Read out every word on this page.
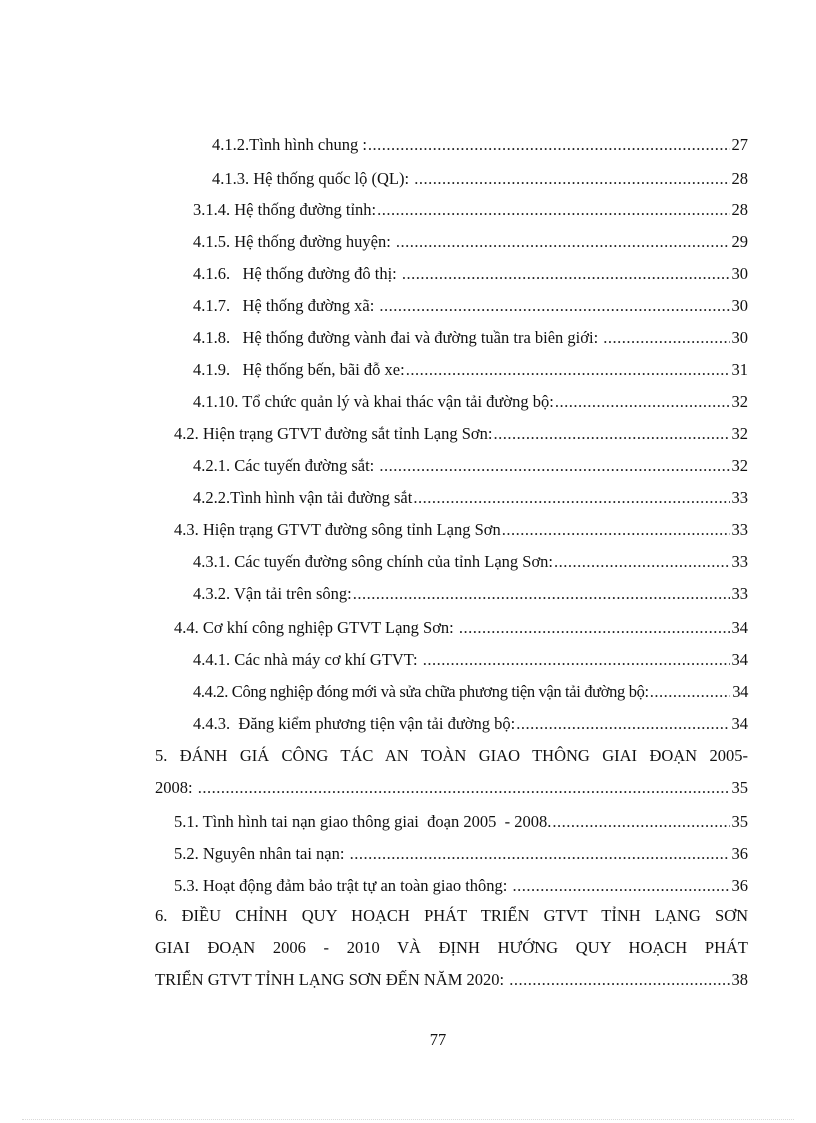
4.1.2.Tình hình chung : .....	27
4.1.3. Hệ thống quốc lộ (QL): .....	28
3.1.4. Hệ thống đường tỉnh: .....	28
4.1.5. Hệ thống đường huyện: .....	29
4.1.6.   Hệ thống đường đô thị: .....	30
4.1.7.   Hệ thống đường xã: .....	30
4.1.8.   Hệ thống đường vành đai và đường tuần tra biên giới: .....	30
4.1.9.   Hệ thống bến, bãi đỗ xe: .....	31
4.1.10. Tổ chức quản lý và khai thác vận tải đường bộ: .....	32
4.2. Hiện trạng GTVT đường sắt tỉnh Lạng Sơn: .....	32
4.2.1. Các tuyến đường sắt: .....	32
4.2.2.Tình hình vận tải đường sắt .....	33
4.3. Hiện trạng GTVT đường sông tỉnh Lạng Sơn .....	33
4.3.1. Các tuyến đường sông chính của tỉnh Lạng Sơn: .....	33
4.3.2. Vận tải trên sông: .....	33
4.4. Cơ khí công nghiệp GTVT Lạng Sơn: .....	34
4.4.1. Các nhà máy cơ khí GTVT: .....	34
4.4.2. Công nghiệp đóng mới và sửa chữa phương tiện vận tải đường bộ: .....	34
4.4.3.  Đăng kiểm phương tiện vận tải đường bộ: .....	34
5. ĐÁNH GIÁ CÔNG TÁC AN TOÀN GIAO THÔNG GIAI ĐOẠN 2005-
2008: .....	35
5.1. Tình hình tai nạn giao thông giai  đoạn 2005  - 2008. .....	35
5.2. Nguyên nhân tai nạn: .....	36
5.3. Hoạt động đảm bảo trật tự an toàn giao thông: .....	36
6. ĐIỀU CHỈNH QUY HOẠCH PHÁT TRIỂN GTVT TỈNH LẠNG SƠN
GIAI ĐOẠN 2006 - 2010 VÀ ĐỊNH HƯỚNG QUY HOẠCH PHÁT
TRIỂN GTVT TỈNH LẠNG SƠN ĐẾN NĂM 2020: .....	38
77
